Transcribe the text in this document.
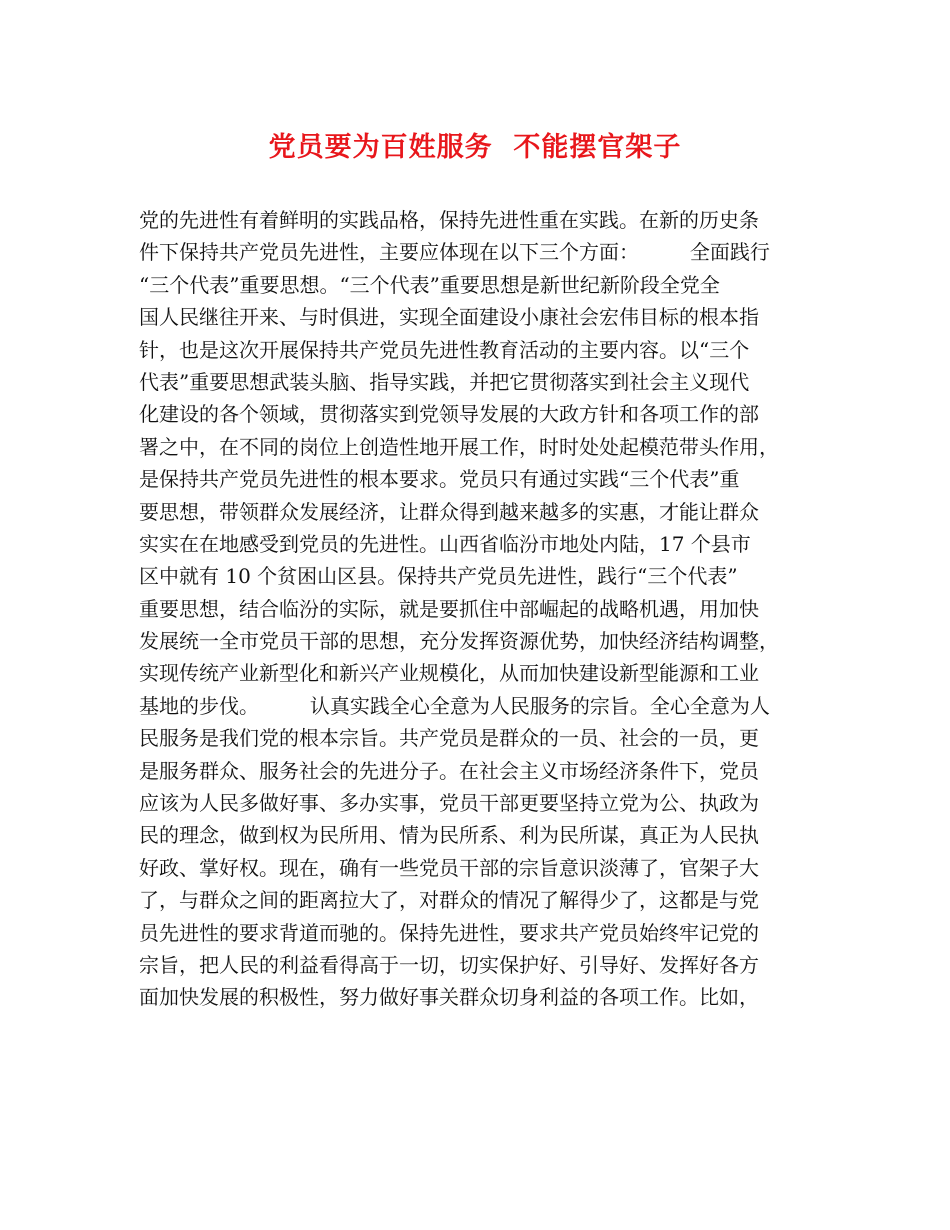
党员要为百姓服务  不能摆官架子
党的先进性有着鲜明的实践品格，保持先进性重在实践。在新的历史条
件下保持共产党员先进性，主要应体现在以下三个方面：        全面践行
“三个代表”重要思想。“三个代表”重要思想是新世纪新阶段全党全
国人民继往开来、与时俱进，实现全面建设小康社会宏伟目标的根本指
针，也是这次开展保持共产党员先进性教育活动的主要内容。以“三个
代表”重要思想武装头脑、指导实践，并把它贯彻落实到社会主义现代
化建设的各个领域，贯彻落实到党领导发展的大政方针和各项工作的部
署之中，在不同的岗位上创造性地开展工作，时时处处起模范带头作用，
是保持共产党员先进性的根本要求。党员只有通过实践“三个代表”重
要思想，带领群众发展经济，让群众得到越来越多的实惠，才能让群众
实实在在地感受到党员的先进性。山西省临汾市地处内陆，17 个县市
区中就有 10 个贫困山区县。保持共产党员先进性，践行“三个代表”
重要思想，结合临汾的实际，就是要抓住中部崛起的战略机遇，用加快
发展统一全市党员干部的思想，充分发挥资源优势，加快经济结构调整，
实现传统产业新型化和新兴产业规模化，从而加快建设新型能源和工业
基地的步伐。        认真实践全心全意为人民服务的宗旨。全心全意为人
民服务是我们党的根本宗旨。共产党员是群众的一员、社会的一员，更
是服务群众、服务社会的先进分子。在社会主义市场经济条件下，党员
应该为人民多做好事、多办实事，党员干部更要坚持立党为公、执政为
民的理念，做到权为民所用、情为民所系、利为民所谋，真正为人民执
好政、掌好权。现在，确有一些党员干部的宗旨意识淡薄了，官架子大
了，与群众之间的距离拉大了，对群众的情况了解得少了，这都是与党
员先进性的要求背道而驰的。保持先进性，要求共产党员始终牢记党的
宗旨，把人民的利益看得高于一切，切实保护好、引导好、发挥好各方
面加快发展的积极性，努力做好事关群众切身利益的各项工作。比如，
